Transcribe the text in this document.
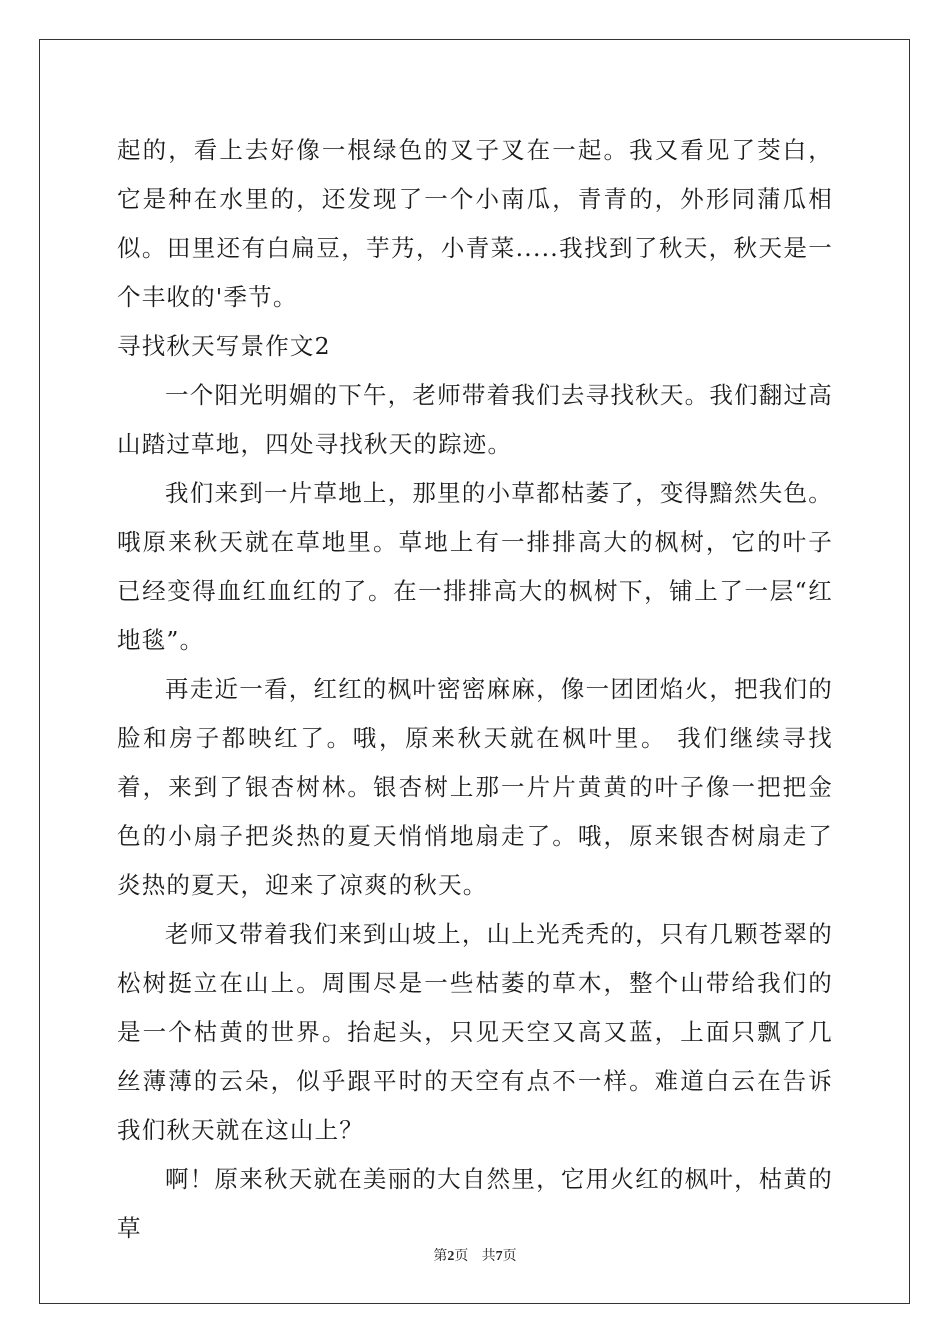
起的，看上去好像一根绿色的叉子叉在一起。我又看见了茭白，它是种在水里的，还发现了一个小南瓜，青青的，外形同蒲瓜相似。田里还有白扁豆，芋艿，小青菜.....我找到了秋天，秋天是一个丰收的'季节。

寻找秋天写景作文2

一个阳光明媚的下午，老师带着我们去寻找秋天。我们翻过高山踏过草地，四处寻找秋天的踪迹。

我们来到一片草地上，那里的小草都枯萎了，变得黯然失色。哦原来秋天就在草地里。草地上有一排排高大的枫树，它的叶子已经变得血红血红的了。在一排排高大的枫树下，铺上了一层“红地毯”。

再走近一看，红红的枫叶密密麻麻，像一团团焰火，把我们的脸和房子都映红了。哦，原来秋天就在枫叶里。 我们继续寻找着，来到了银杏树林。银杏树上那一片片黄黄的叶子像一把把金色的小扇子把炎热的夏天悄悄地扇走了。哦，原来银杏树扇走了炎热的夏天，迎来了凉爽的秋天。

老师又带着我们来到山坡上，山上光秃秃的，只有几颗苍翠的松树挺立在山上。周围尽是一些枯萎的草木，整个山带给我们的是一个枯黄的世界。抬起头，只见天空又高又蓝，上面只飘了几丝薄薄的云朵，似乎跟平时的天空有点不一样。难道白云在告诉我们秋天就在这山上？

啊！原来秋天就在美丽的大自然里，它用火红的枫叶，枯黄的草

第2页 共7页
